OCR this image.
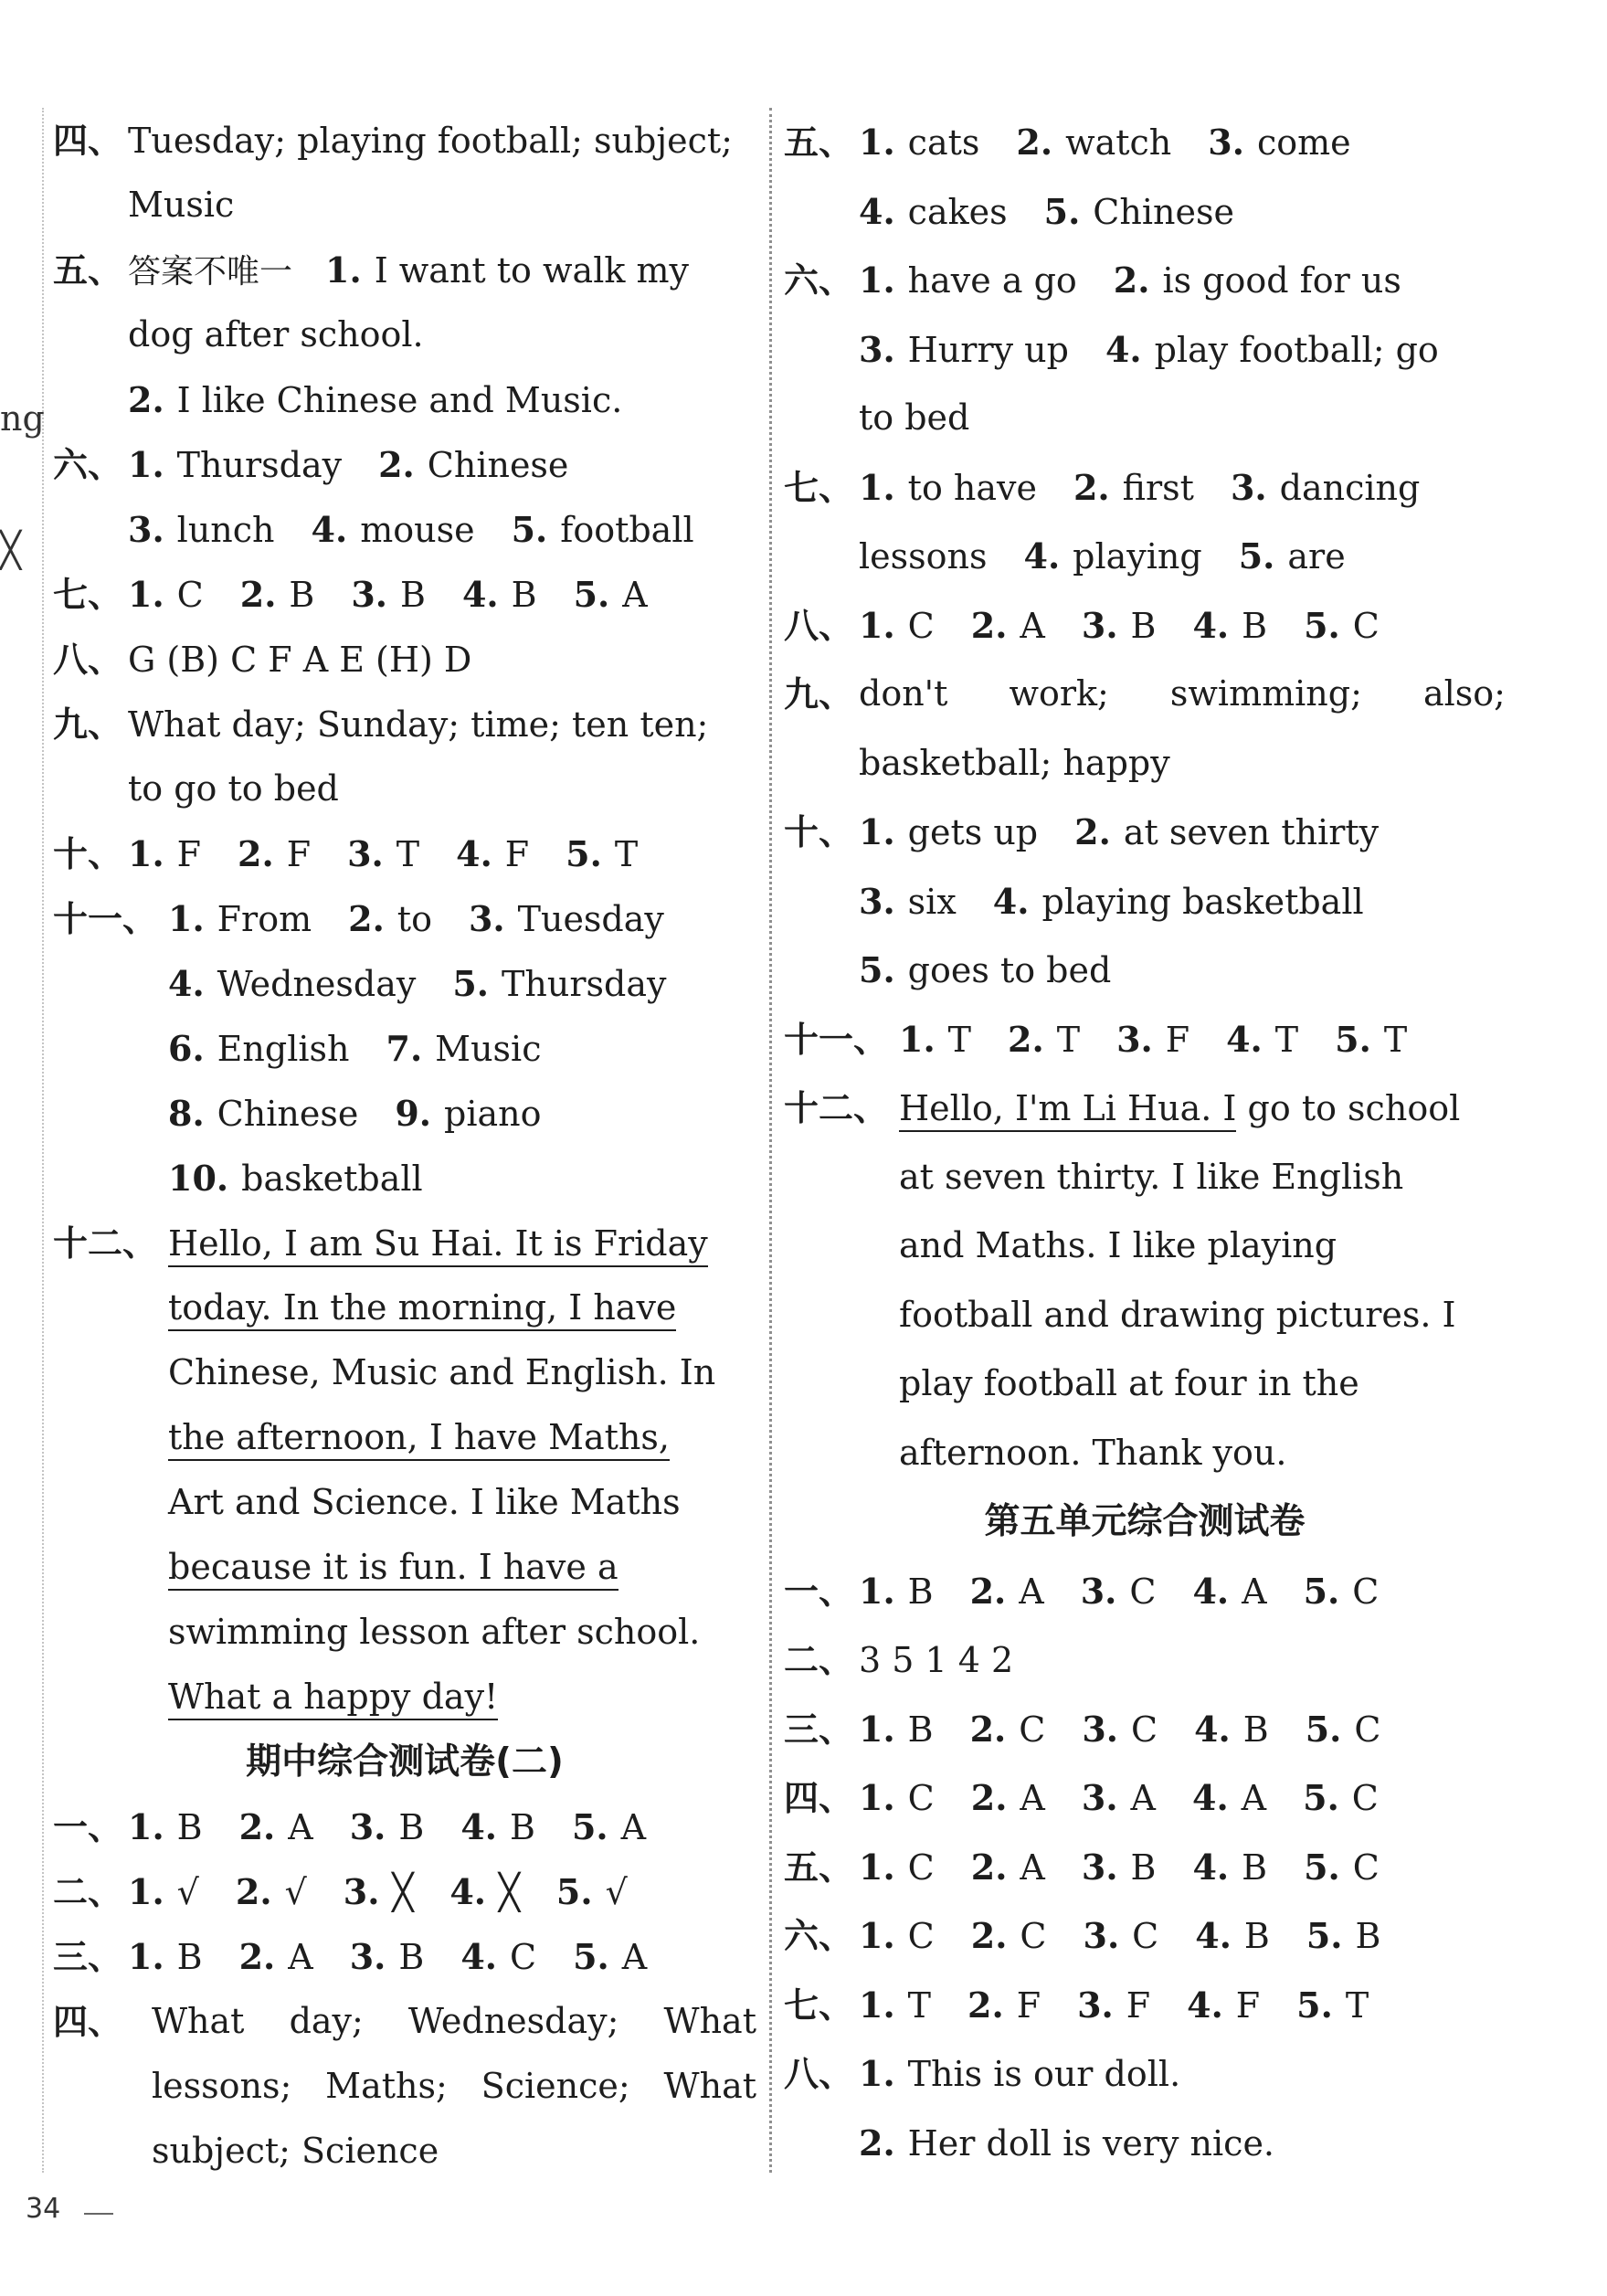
ng
╳
四、 Tuesday; playing football; subject;
Music
五、 答案不唯一 1. I want to walk my
dog after school.
2. I like Chinese and Music.
六、 1. Thursday 2. Chinese
3. lunch 4. mouse 5. football
七、 1. C 2. B 3. B 4. B 5. A
八、 G (B) C F A E (H) D
九、 What day; Sunday; time; ten ten;
to go to bed
十、 1. F 2. F 3. T 4. F 5. T
十一、 1. From 2. to 3. Tuesday
4. Wednesday 5. Thursday
6. English 7. Music
8. Chinese 9. piano
10. basketball
十二、 Hello, I am Su Hai. It is Friday
today. In the morning, I have
Chinese, Music and English. In
the afternoon, I have Maths,
Art and Science. I like Maths
because it is fun. I have a
swimming lesson after school.
What a happy day!
期中综合测试卷(二)
一、 1. B 2. A 3. B 4. B 5. A
二、 1. √ 2. √ 3. ╳ 4. ╳ 5. √
三、 1. B 2. A 3. B 4. C 5. A
四、 What day; Wednesday; What
lessons; Maths; Science; What
subject; Science
五、 1. cats 2. watch 3. come
4. cakes 5. Chinese
六、 1. have a go 2. is good for us
3. Hurry up 4. play football; go
to bed
七、 1. to have 2. first 3. dancing
lessons 4. playing 5. are
八、 1. C 2. A 3. B 4. B 5. C
九、 don't work; swimming; also;
basketball; happy
十、 1. gets up 2. at seven thirty
3. six 4. playing basketball
5. goes to bed
十一、 1. T 2. T 3. F 4. T 5. T
十二、 Hello, I'm Li Hua. I go to school
at seven thirty. I like English
and Maths. I like playing
football and drawing pictures. I
play football at four in the
afternoon. Thank you.
第五单元综合测试卷
一、 1. B 2. A 3. C 4. A 5. C
二、 3 5 1 4 2
三、 1. B 2. C 3. C 4. B 5. C
四、 1. C 2. A 3. A 4. A 5. C
五、 1. C 2. A 3. B 4. B 5. C
六、 1. C 2. C 3. C 4. B 5. B
七、 1. T 2. F 3. F 4. F 5. T
八、 1. This is our doll.
2. Her doll is very nice.
34
